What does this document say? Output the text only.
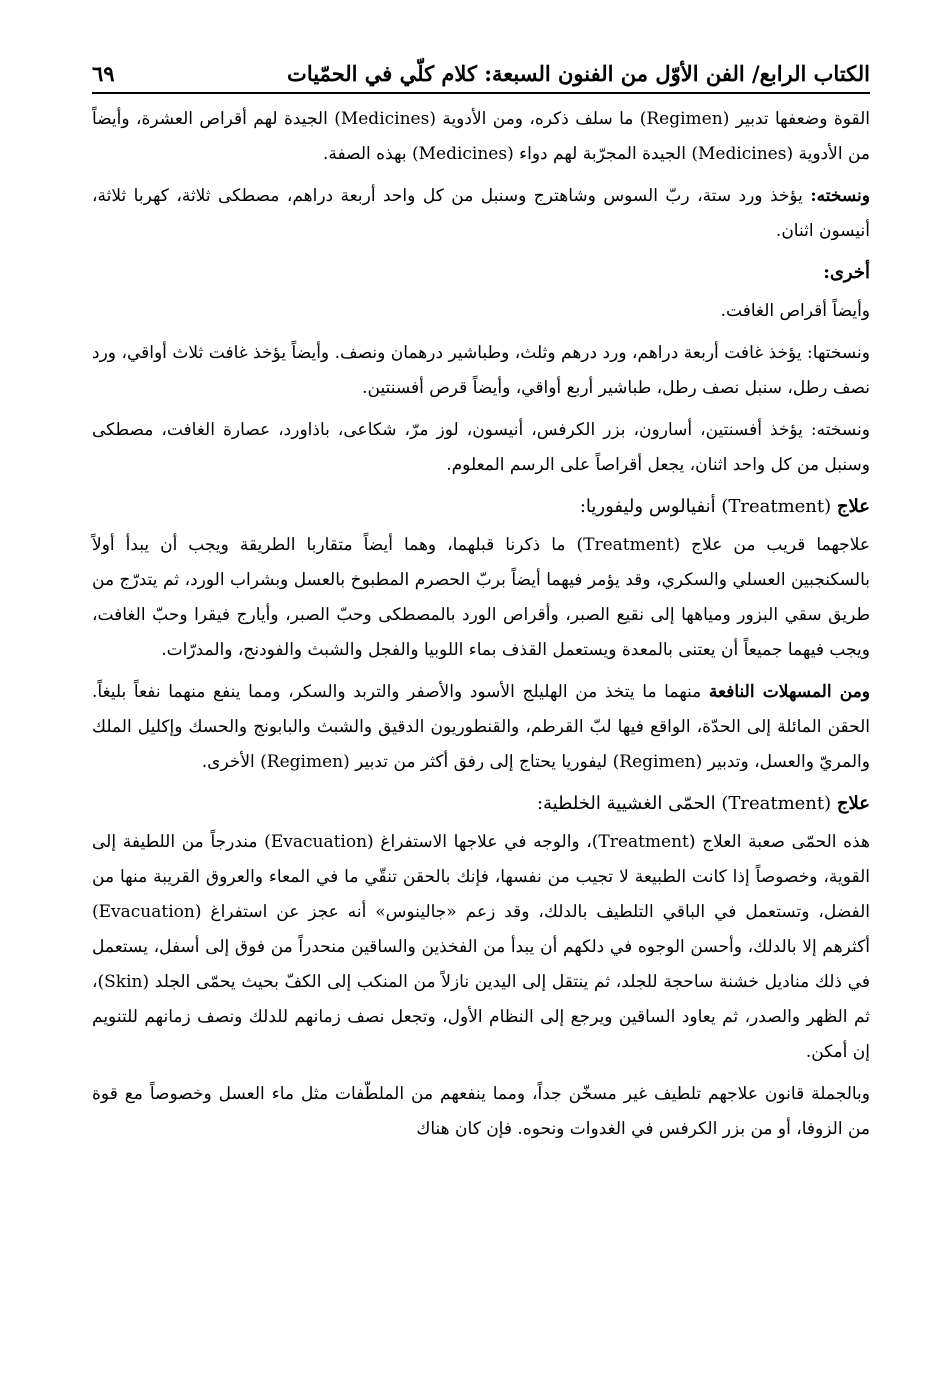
الكتاب الرابع/ الفن الأوّل من الفنون السبعة: كلام كلّي في الحمّيات
٦٩

القوة وضعفها تدبير (Regimen) ما سلف ذكره، ومن الأدوية (Medicines) الجيدة لهم أقراص العشرة، وأيضاً من الأدوية (Medicines) الجيدة المجرّبة لهم دواء (Medicines) بهذه الصفة.

ونسخته: يؤخذ ورد ستة، ربّ السوس وشاهترج وسنبل من كل واحد أربعة دراهم، مصطكى ثلاثة، كهربا ثلاثة، أنيسون اثنان.

أخرى:

وأيضاً أقراص الغافت.

ونسختها: يؤخذ غافت أربعة دراهم، ورد درهم وثلث، وطباشير درهمان ونصف. وأيضاً يؤخذ غافت ثلاث أواقي، ورد نصف رطل، سنبل نصف رطل، طباشير أربع أواقي، وأيضاً قرص أفسنتين.

ونسخته: يؤخذ أفسنتين، أسارون، بزر الكرفس، أنيسون، لوز مرّ، شكاعى، باذاورد، عصارة الغافت، مصطكى وسنبل من كل واحد اثنان، يجعل أقراصاً على الرسم المعلوم.

علاج (Treatment) أنفيالوس وليفوريا:

علاجهما قريب من علاج (Treatment) ما ذكرنا قبلهما، وهما أيضاً متقاربا الطريقة ويجب أن يبدأ أولاً بالسكنجبين العسلي والسكري، وقد يؤمر فيهما أيضاً بربّ الحصرم المطبوخ بالعسل وبشراب الورد، ثم يتدرّج من طريق سقي البزور ومياهها إلى نقيع الصبر، وأقراص الورد بالمصطكى وحبّ الصبر، وأيارج فيقرا وحبّ الغافت، ويجب فيهما جميعاً أن يعتنى بالمعدة ويستعمل القذف بماء اللوبيا والفجل والشبث والفودنج، والمدرّات.

ومن المسهلات النافعة منهما ما يتخذ من الهليلج الأسود والأصفر والتربد والسكر، ومما ينفع منهما نفعاً بليغاً. الحقن المائلة إلى الحدّة، الواقع فيها لبّ القرطم، والقنطوريون الدقيق والشبث والبابونج والحسك وإكليل الملك والمريّ والعسل، وتدبير (Regimen) ليفوريا يحتاج إلى رفق أكثر من تدبير (Regimen) الأخرى.

علاج (Treatment) الحمّى الغشيية الخلطية:

هذه الحمّى صعبة العلاج (Treatment)، والوجه في علاجها الاستفراغ (Evacuation) مندرجاً من اللطيفة إلى القوية، وخصوصاً إذا كانت الطبيعة لا تجيب من نفسها، فإنك بالحقن تنقّي ما في المعاء والعروق القريبة منها من الفضل، وتستعمل في الباقي التلطيف بالدلك، وقد زعم «جالينوس» أنه عجز عن استفراغ (Evacuation) أكثرهم إلا بالدلك، وأحسن الوجوه في دلكهم أن يبدأ من الفخذين والساقين منحدراً من فوق إلى أسفل، يستعمل في ذلك مناديل خشنة ساحجة للجلد، ثم ينتقل إلى اليدين نازلاً من المنكب إلى الكفّ بحيث يحمّى الجلد (Skin)، ثم الظهر والصدر، ثم يعاود الساقين ويرجع إلى النظام الأول، وتجعل نصف زمانهم للدلك ونصف زمانهم للتنويم إن أمكن.

وبالجملة قانون علاجهم تلطيف غير مسخّن جداً، ومما ينفعهم من الملطّفات مثل ماء العسل وخصوصاً مع قوة من الزوفا، أو من بزر الكرفس في الغدوات ونحوه. فإن كان هناك
